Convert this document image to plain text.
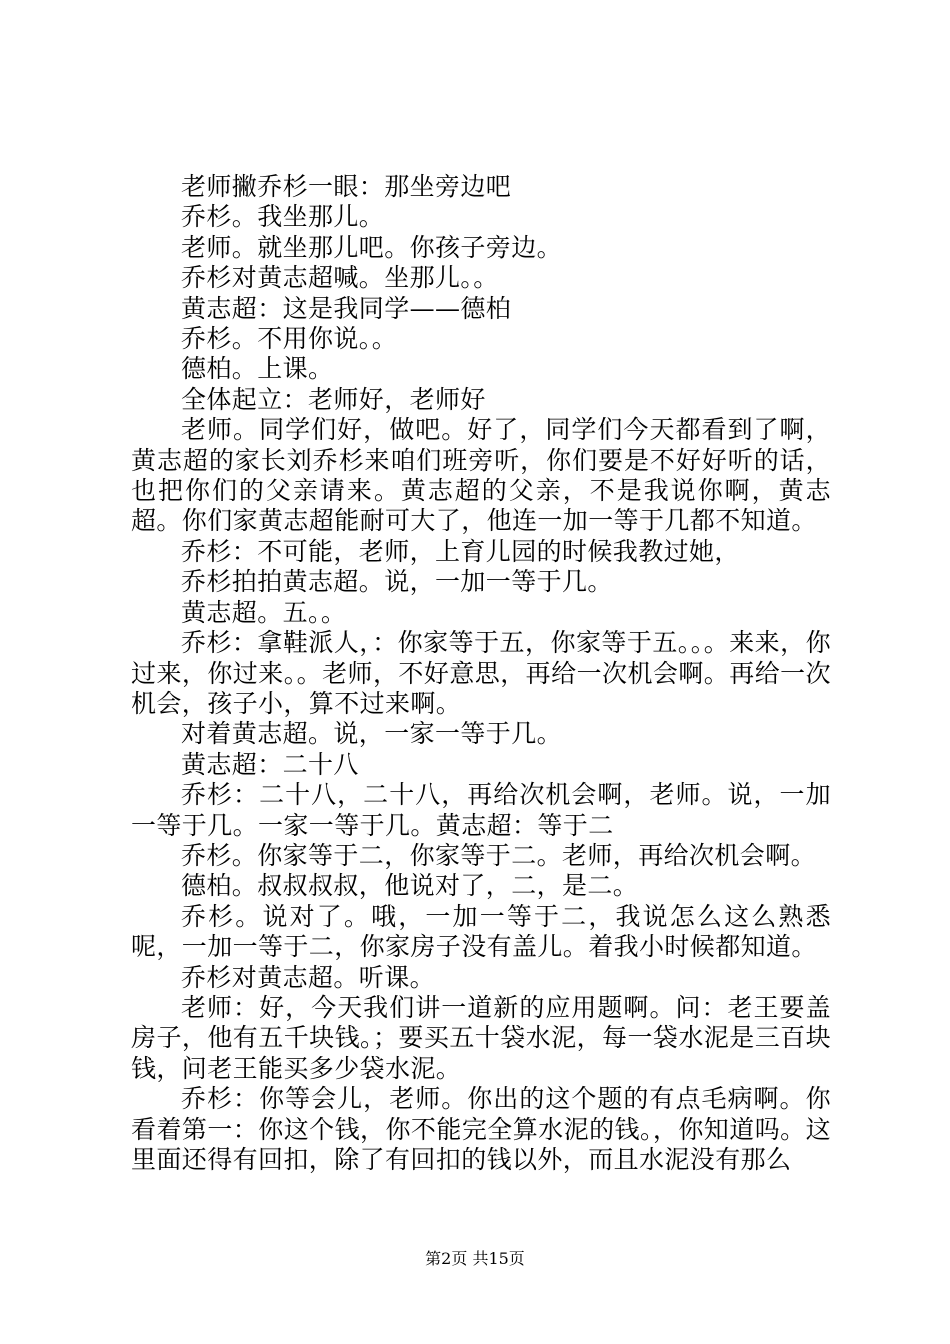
老师撇乔杉一眼：那坐旁边吧

乔杉。我坐那儿。

老师。就坐那儿吧。你孩子旁边。

乔杉对黄志超喊。坐那儿。。

黄志超：这是我同学——德柏

乔杉。不用你说。。

德柏。上课。

全体起立：老师好，老师好

老师。同学们好，做吧。好了，同学们今天都看到了啊，黄志超的家长刘乔杉来咱们班旁听，你们要是不好好听的话，也把你们的父亲请来。黄志超的父亲，不是我说你啊，黄志超。你们家黄志超能耐可大了，他连一加一等于几都不知道。

乔杉：不可能，老师，上育儿园的时候我教过她，

乔杉拍拍黄志超。说，一加一等于几。

黄志超。五。。

乔杉：拿鞋派人，：你家等于五，你家等于五。。。来来，你过来，你过来。。老师，不好意思，再给一次机会啊。再给一次机会，孩子小，算不过来啊。

对着黄志超。说，一家一等于几。

黄志超：二十八

乔杉：二十八，二十八，再给次机会啊，老师。说，一加一等于几。一家一等于几。黄志超：等于二

乔杉。你家等于二，你家等于二。老师，再给次机会啊。

德柏。叔叔叔叔，他说对了，二，是二。

乔杉。说对了。哦，一加一等于二，我说怎么这么熟悉呢，一加一等于二，你家房子没有盖儿。着我小时候都知道。

乔杉对黄志超。听课。

老师：好，今天我们讲一道新的应用题啊。问：老王要盖房子，他有五千块钱。；要买五十袋水泥，每一袋水泥是三百块钱，问老王能买多少袋水泥。

乔杉：你等会儿，老师。你出的这个题的有点毛病啊。你看着第一：你这个钱，你不能完全算水泥的钱。，你知道吗。这里面还得有回扣，除了有回扣的钱以外，而且水泥没有那么

第2页 共15页
